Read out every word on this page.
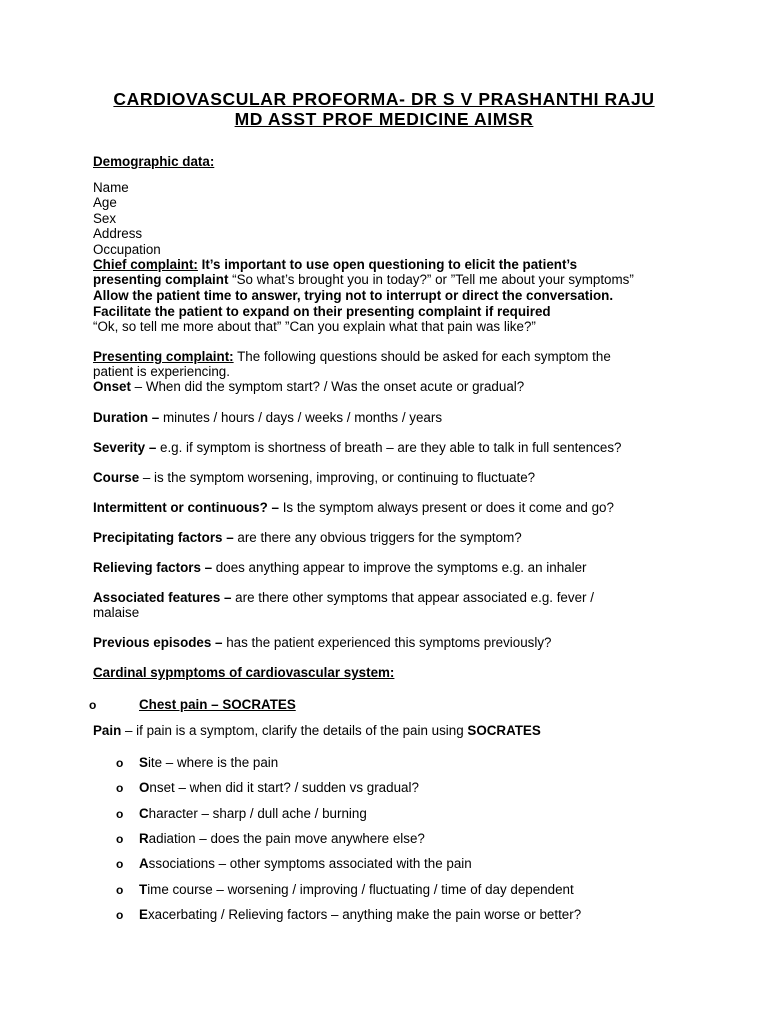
CARDIOVASCULAR PROFORMA- DR S V PRASHANTHI RAJU

MD ASST PROF MEDICINE AIMSR

Demographic data:

Name

Age

Sex

Address

Occupation

Chief complaint: It’s important to use open questioning to elicit the patient’s

presenting complaint “So what’s brought you in today?” or ”Tell me about your symptoms”

Allow the patient time to answer, trying not to interrupt or direct the conversation.

Facilitate the patient to expand on their presenting complaint if required

“Ok, so tell me more about that” ”Can you explain what that pain was like?”

Presenting complaint: The following questions should be asked for each symptom the

patient is experiencing.

Onset – When did the symptom start? / Was the onset acute or gradual?

Duration – minutes / hours / days / weeks / months / years

Severity – e.g. if symptom is shortness of breath – are they able to talk in full sentences?

Course – is the symptom worsening, improving, or continuing to fluctuate?

Intermittent or continuous? – Is the symptom always present or does it come and go?

Precipitating factors – are there any obvious triggers for the symptom?

Relieving factors – does anything appear to improve the symptoms e.g. an inhaler

Associated features – are there other symptoms that appear associated e.g. fever /

malaise

Previous episodes – has the patient experienced this symptoms previously?

Cardinal sypmptoms of cardiovascular system:

o	Chest pain – SOCRATES

Pain – if pain is a symptom, clarify the details of the pain using SOCRATES

o Site – where is the pain

o Onset – when did it start? / sudden vs gradual?

o Character – sharp / dull ache / burning

o Radiation – does the pain move anywhere else?

o Associations – other symptoms associated with the pain

o Time course – worsening / improving / fluctuating / time of day dependent

o Exacerbating / Relieving factors – anything make the pain worse or better?
